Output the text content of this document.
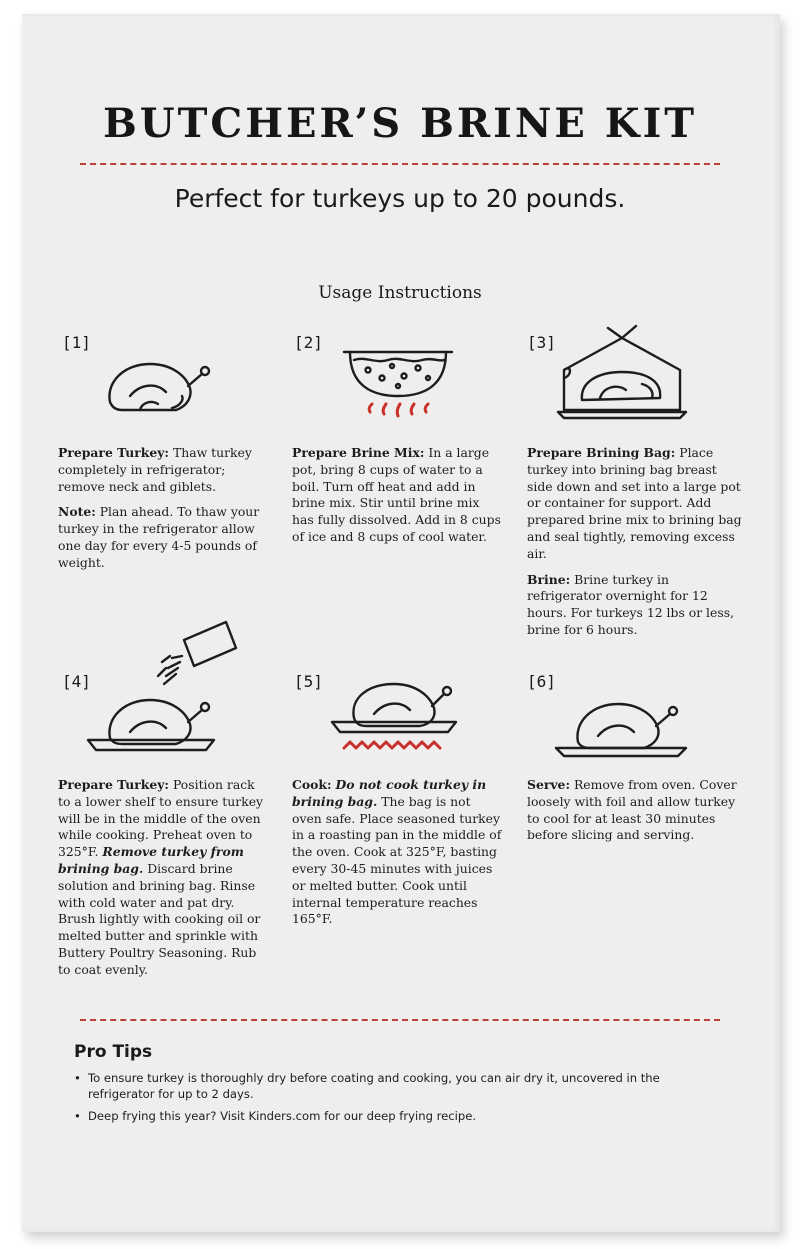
BUTCHER’S BRINE KIT
Perfect for turkeys up to 20 pounds.
Usage Instructions
[1]	[2]	[3]
[4]	[5]	[6]

Prepare Turkey: Thaw turkey completely in refrigerator; remove neck and giblets.

Note: Plan ahead. To thaw your turkey in the refrigerator allow one day for every 4-5 pounds of weight.

Prepare Brine Mix: In a large pot, bring 8 cups of water to a boil. Turn off heat and add in brine mix. Stir until brine mix has fully dissolved. Add in 8 cups of ice and 8 cups of cool water.

Prepare Brining Bag: Place turkey into brining bag breast side down and set into a large pot or container for support. Add prepared brine mix to brining bag and seal tightly, removing excess air.

Brine: Brine turkey in refrigerator overnight for 12 hours. For turkeys 12 lbs or less, brine for 6 hours.

Prepare Turkey: Position rack to a lower shelf to ensure turkey will be in the middle of the oven while cooking. Preheat oven to 325°F. Remove turkey from brining bag. Discard brine solution and brining bag. Rinse with cold water and pat dry. Brush lightly with cooking oil or melted butter and sprinkle with Buttery Poultry Seasoning. Rub to coat evenly.

Cook: Do not cook turkey in brining bag. The bag is not oven safe. Place seasoned turkey in a roasting pan in the middle of the oven. Cook at 325°F, basting every 30-45 minutes with juices or melted butter. Cook until internal temperature reaches 165°F.

Serve: Remove from oven. Cover loosely with foil and allow turkey to cool for at least 30 minutes before slicing and serving.

Pro Tips
• To ensure turkey is thoroughly dry before coating and cooking, you can air dry it, uncovered in the refrigerator for up to 2 days.
• Deep frying this year? Visit Kinders.com for our deep frying recipe.
